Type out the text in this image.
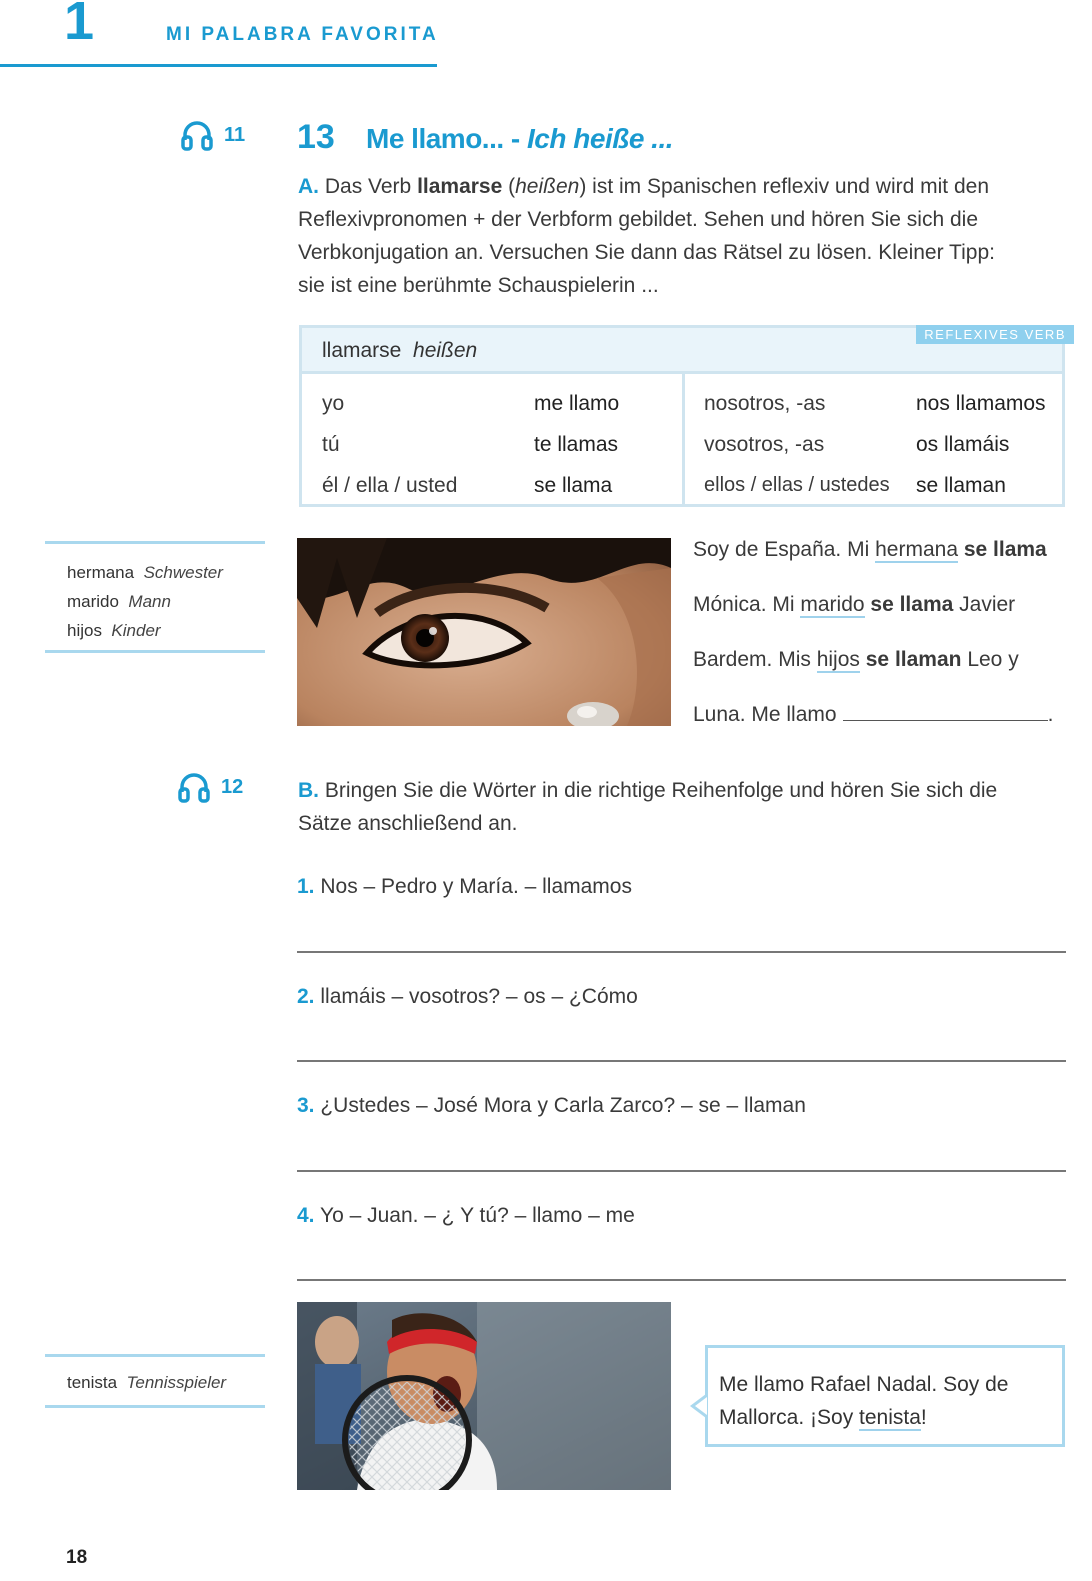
1	MI PALABRA FAVORITA
11 13 Me llamo... - Ich heiße ...
A. Das Verb llamarse (heißen) ist im Spanischen reflexiv und wird mit den
Reflexivpronomen + der Verbform gebildet. Sehen und hören Sie sich die
Verbkonjugation an. Versuchen Sie dann das Rätsel zu lösen. Kleiner Tipp:
sie ist eine berühmte Schauspielerin ...
llamarse heißen
REFLEXIVES VERB
yo	me llamo	nosotros, -as	nos llamamos
tú	te llamas	vosotros, -as	os llamáis
él / ella / usted	se llama	ellos / ellas / ustedes se llaman
hermana Schwester
marido Mann
hijos Kinder
Soy de España. Mi hermana se llama
Mónica. Mi marido se llama Javier
Bardem. Mis hijos se llaman Leo y
Luna. Me llamo	.
12	B. Bringen Sie die Wörter in die richtige Reihenfolge und hören Sie sich die
Sätze anschließend an.
1. Nos – Pedro y María. – llamamos
2. llamáis – vosotros? – os – ¿Cómo
3. ¿Ustedes – José Mora y Carla Zarco? – se – llaman
4. Yo – Juan. – ¿ Y tú? – llamo – me
tenista Tennisspieler	Me llamo Rafael Nadal. Soy de
Mallorca. ¡Soy tenista!
18
